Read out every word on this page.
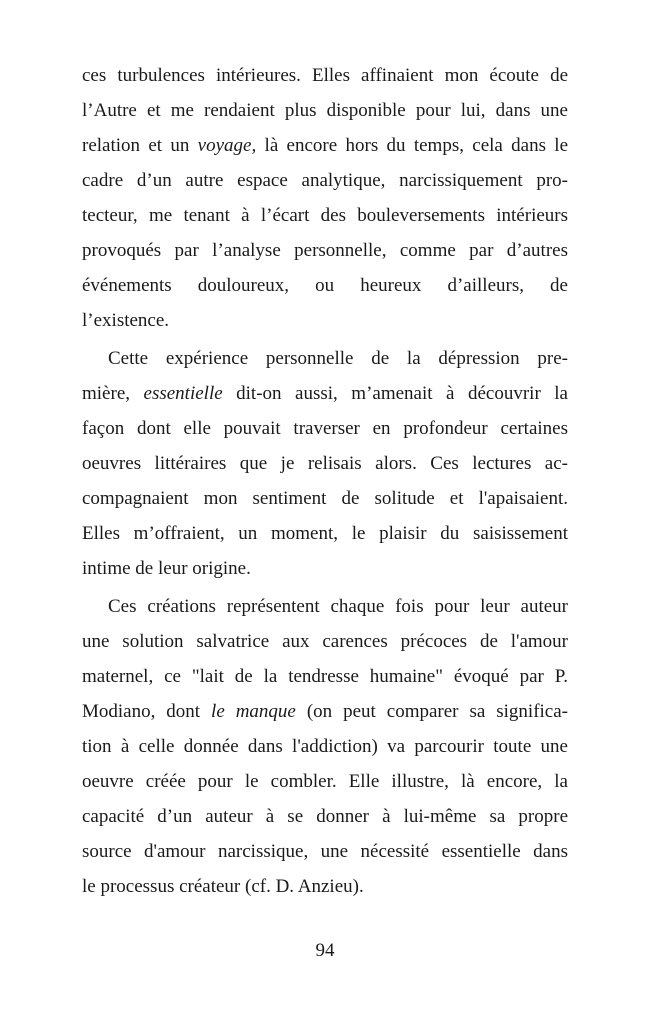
ces turbulences intérieures. Elles affinaient mon écoute de
l’Autre et me rendaient plus disponible pour lui, dans une
relation et un voyage, là encore hors du temps, cela dans le
cadre d’un autre espace analytique, narcissiquement pro-
tecteur, me tenant à l’écart des bouleversements intérieurs
provoqués par l’analyse personnelle, comme par d’autres
événements douloureux, ou heureux d’ailleurs, de
l’existence.
Cette expérience personnelle de la dépression pre-
mière, essentielle dit-on aussi, m’amenait à découvrir la
façon dont elle pouvait traverser en profondeur certaines
oeuvres littéraires que je relisais alors. Ces lectures ac-
compagnaient mon sentiment de solitude et l'apaisaient.
Elles m’offraient, un moment, le plaisir du saisissement
intime de leur origine.
Ces créations représentent chaque fois pour leur auteur
une solution salvatrice aux carences précoces de l'amour
maternel, ce "lait de la tendresse humaine" évoqué par P.
Modiano, dont le manque (on peut comparer sa significa-
tion à celle donnée dans l'addiction) va parcourir toute une
oeuvre créée pour le combler. Elle illustre, là encore, la
capacité d’un auteur à se donner à lui-même sa propre
source d'amour narcissique, une nécessité essentielle dans
le processus créateur (cf. D. Anzieu).
94
